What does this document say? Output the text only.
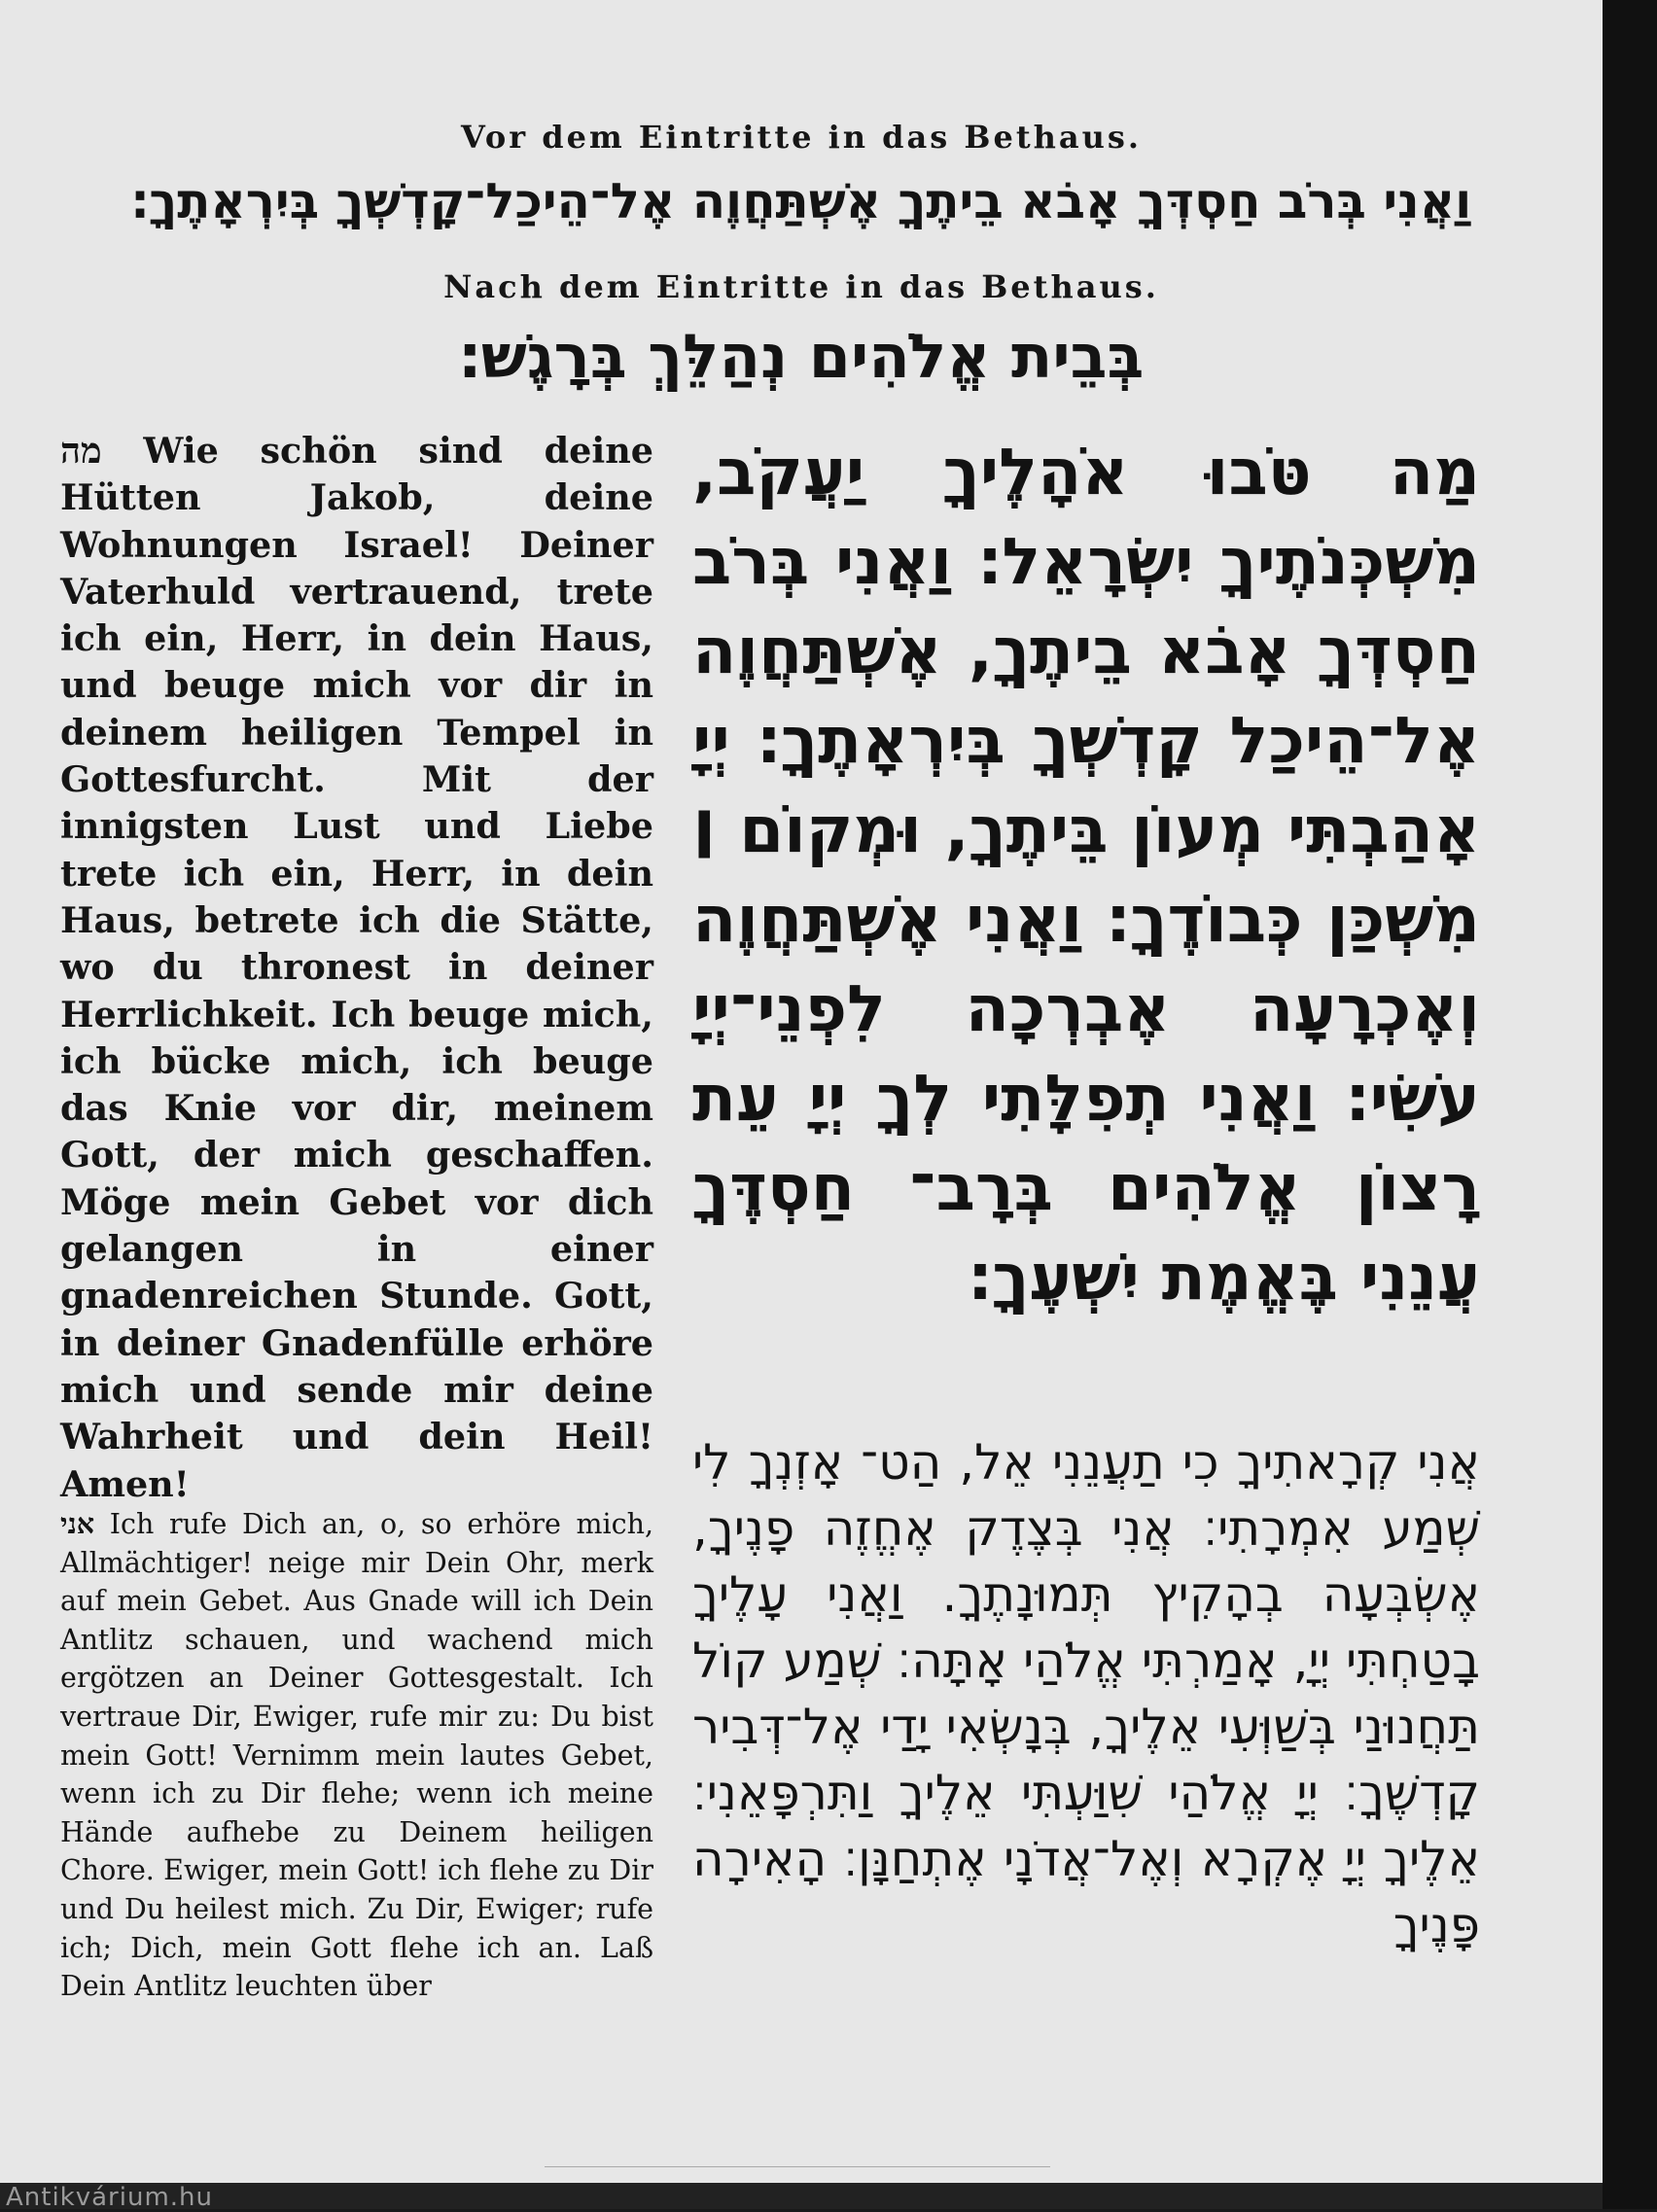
Vor dem Eintritte in das Bethaus.
וַאֲנִי בְּרֹב חַסְדְּךָ אָבֹא בֵיתֶךָ אֶשְׁתַּחֲוֶה אֶל־הֵיכַל־קָדְשְׁךָ בְּיִרְאָתֶךָ׃
Nach dem Eintritte in das Bethaus.
בְּבֵית אֱלֹהִים נְהַלֵּךְ בְּרָגֶשׁ׃
מה Wie schön sind deine Hütten Jakob, deine Wohnungen Israel! Deiner Vaterhuld vertrauend, trete ich ein, Herr, in dein Haus, und beuge mich vor dir in deinem heiligen Tempel in Gottesfurcht. Mit der innigsten Lust und Liebe trete ich ein, Herr, in dein Haus, betrete ich die Stätte, wo du thronest in deiner Herrlichkeit. Ich beuge mich, ich bücke mich, ich beuge das Knie vor dir, meinem Gott, der mich geschaffen. Möge mein Gebet vor dich gelangen in einer gnadenreichen Stunde. Gott, in deiner Gnadenfülle erhöre mich und sende mir deine Wahrheit und dein Heil! Amen!
אני Ich rufe Dich an, o, so erhöre mich, Allmächtiger! neige mir Dein Ohr, merk auf mein Gebet. Aus Gnade will ich Dein Antlitz schauen, und wachend mich ergötzen an Deiner Gottesgestalt. Ich vertraue Dir, Ewiger, rufe mir zu: Du bist mein Gott! Vernimm mein lautes Gebet, wenn ich zu Dir flehe; wenn ich meine Hände aufhebe zu Deinem heiligen Chore. Ewiger, mein Gott! ich flehe zu Dir und Du heilest mich. Zu Dir, Ewiger; rufe ich; Dich, mein Gott flehe ich an. Laß Dein Antlitz leuchten über
מַה טֹּבוּ אֹהָלֶיךָ יַעֲקֹב, מִשְׁכְּנֹתֶיךָ יִשְׂרָאֵל׃ וַאֲנִי בְּרֹב חַסְדְּךָ אָבֹא בֵיתֶךָ, אֶשְׁתַּחֲוֶה אֶל־הֵיכַל קָדְשְׁךָ בְּיִרְאָתֶךָ׃ יְיָ אָהַבְתִּי מְעוֹן בֵּיתֶךָ, וּמְקוֹם ׀ מִשְׁכַּן כְּבוֹדֶךָ׃ וַאֲנִי אֶשְׁתַּחֲוֶה וְאֶכְרָעָה אֶבְרְכָה לִפְנֵי־יְיָ עֹשִׂי׃ וַאֲנִי תְפִלָּתִי לְךָ יְיָ עֵת רָצוֹן אֱלֹהִים בְּרָב־ חַסְדֶּךָ עֲנֵנִי בֶּאֱמֶת יִשְׁעֶךָ׃
אֲנִי קְרָאתִיךָ כִי תַעֲנֵנִי אֵל, הַט־ אָזְנְךָ לִי שְׁמַע אִמְרָתִי׃ אֲנִי בְּצֶדֶק אֶחֱזֶה פָנֶיךָ, אֶשְׂבְּעָה בְהָקִיץ תְּמוּנָתֶךָ. וַאֲנִי עָלֶיךָ בָטַחְתִּי יְיָ, אָמַרְתִּי אֱלֹהַי אָתָּה׃ שְׁמַע קוֹל תַּחֲנוּנַי בְּשַׁוְּעִי אֵלֶיךָ, בְּנָשְׂאִי יָדַי אֶל־דְּבִיר קָדְשֶׁךָ׃ יְיָ אֱלֹהַי שִׁוַּעְתִּי אֵלֶיךָ וַתִּרְפָּאֵנִי׃ אֵלֶיךָ יְיָ אֶקְרָא וְאֶל־אֲדֹנָי אֶתְחַנָּן׃ הָאִירָה פָּנֶיךָ
Antikvárium.hu
